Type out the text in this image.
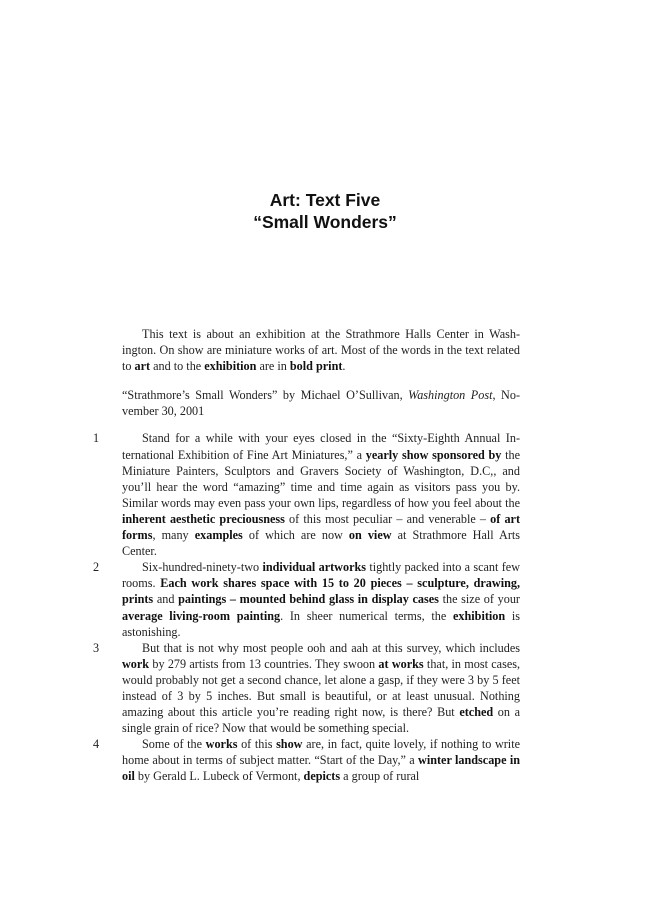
Art: Text Five
“Small Wonders”

This text is about an exhibition at the Strathmore Halls Center in Washington. On show are miniature works of art. Most of the words in the text related to art and to the exhibition are in bold print.

“Strathmore’s Small Wonders” by Michael O’Sullivan, Washington Post, November 30, 2001

1	Stand for a while with your eyes closed in the “Sixty-Eighth Annual International Exhibition of Fine Art Miniatures,” a yearly show sponsored by the Miniature Painters, Sculptors and Gravers Society of Washington, D.C,, and you’ll hear the word “amazing” time and time again as visitors pass you by. Similar words may even pass your own lips, regardless of how you feel about the inherent aesthetic preciousness of this most peculiar – and venerable – of art forms, many examples of which are now on view at Strathmore Hall Arts Center.

2	Six-hundred-ninety-two individual artworks tightly packed into a scant few rooms. Each work shares space with 15 to 20 pieces – sculpture, drawing, prints and paintings – mounted behind glass in display cases the size of your average living-room painting. In sheer numerical terms, the exhibition is astonishing.

3	But that is not why most people ooh and aah at this survey, which includes work by 279 artists from 13 countries. They swoon at works that, in most cases, would probably not get a second chance, let alone a gasp, if they were 3 by 5 feet instead of 3 by 5 inches. But small is beautiful, or at least unusual. Nothing amazing about this article you’re reading right now, is there? But etched on a single grain of rice? Now that would be something special.

4	Some of the works of this show are, in fact, quite lovely, if nothing to write home about in terms of subject matter. “Start of the Day,” a winter landscape in oil by Gerald L. Lubeck of Vermont, depicts a group of rural
